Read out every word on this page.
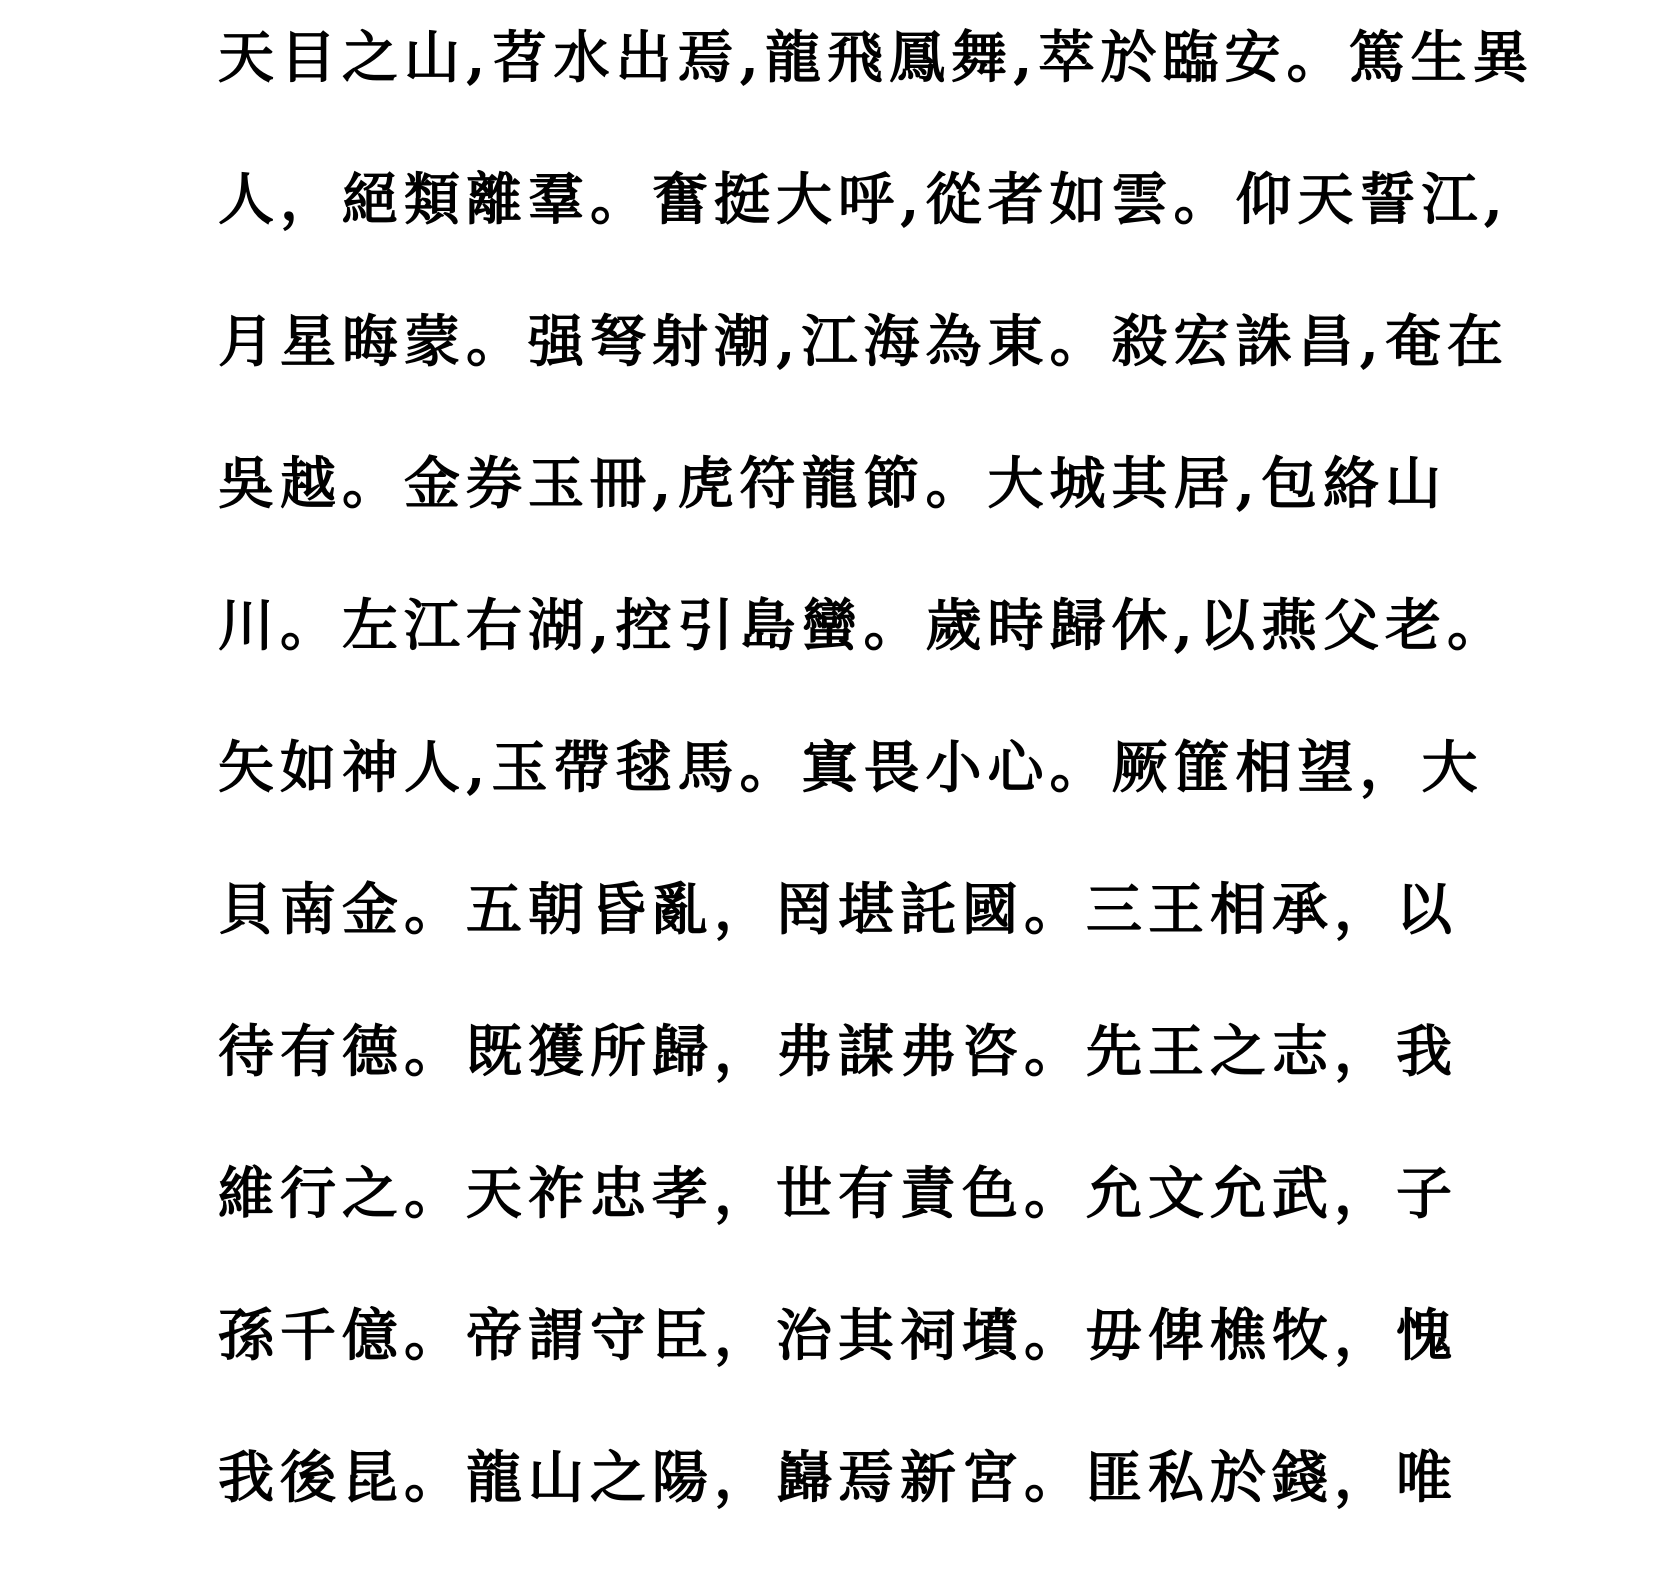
天目之山,苕水出焉,龍飛鳳舞,萃於臨安。篤生異
人，絕類離羣。奮挺大呼,從者如雲。仰天誓江,
月星晦蒙。强弩射潮,江海為東。殺宏誅昌,奄在
吳越。金券玉冊,虎符龍節。大城其居,包絡山
川。左江右湖,控引島蠻。歲時歸休,以燕父老。
矢如神人,玉帶毬馬。寘畏小心。厥篚相望，大
貝南金。五朝昏亂，罔堪託國。三王相承，以
待有德。既獲所歸，弗謀弗咨。先王之志，我
維行之。天祚忠孝，世有責色。允文允武，子
孫千億。帝謂守臣，治其祠墳。毋俾樵牧，愧
我後昆。龍山之陽，巋焉新宮。匪私於錢，唯
